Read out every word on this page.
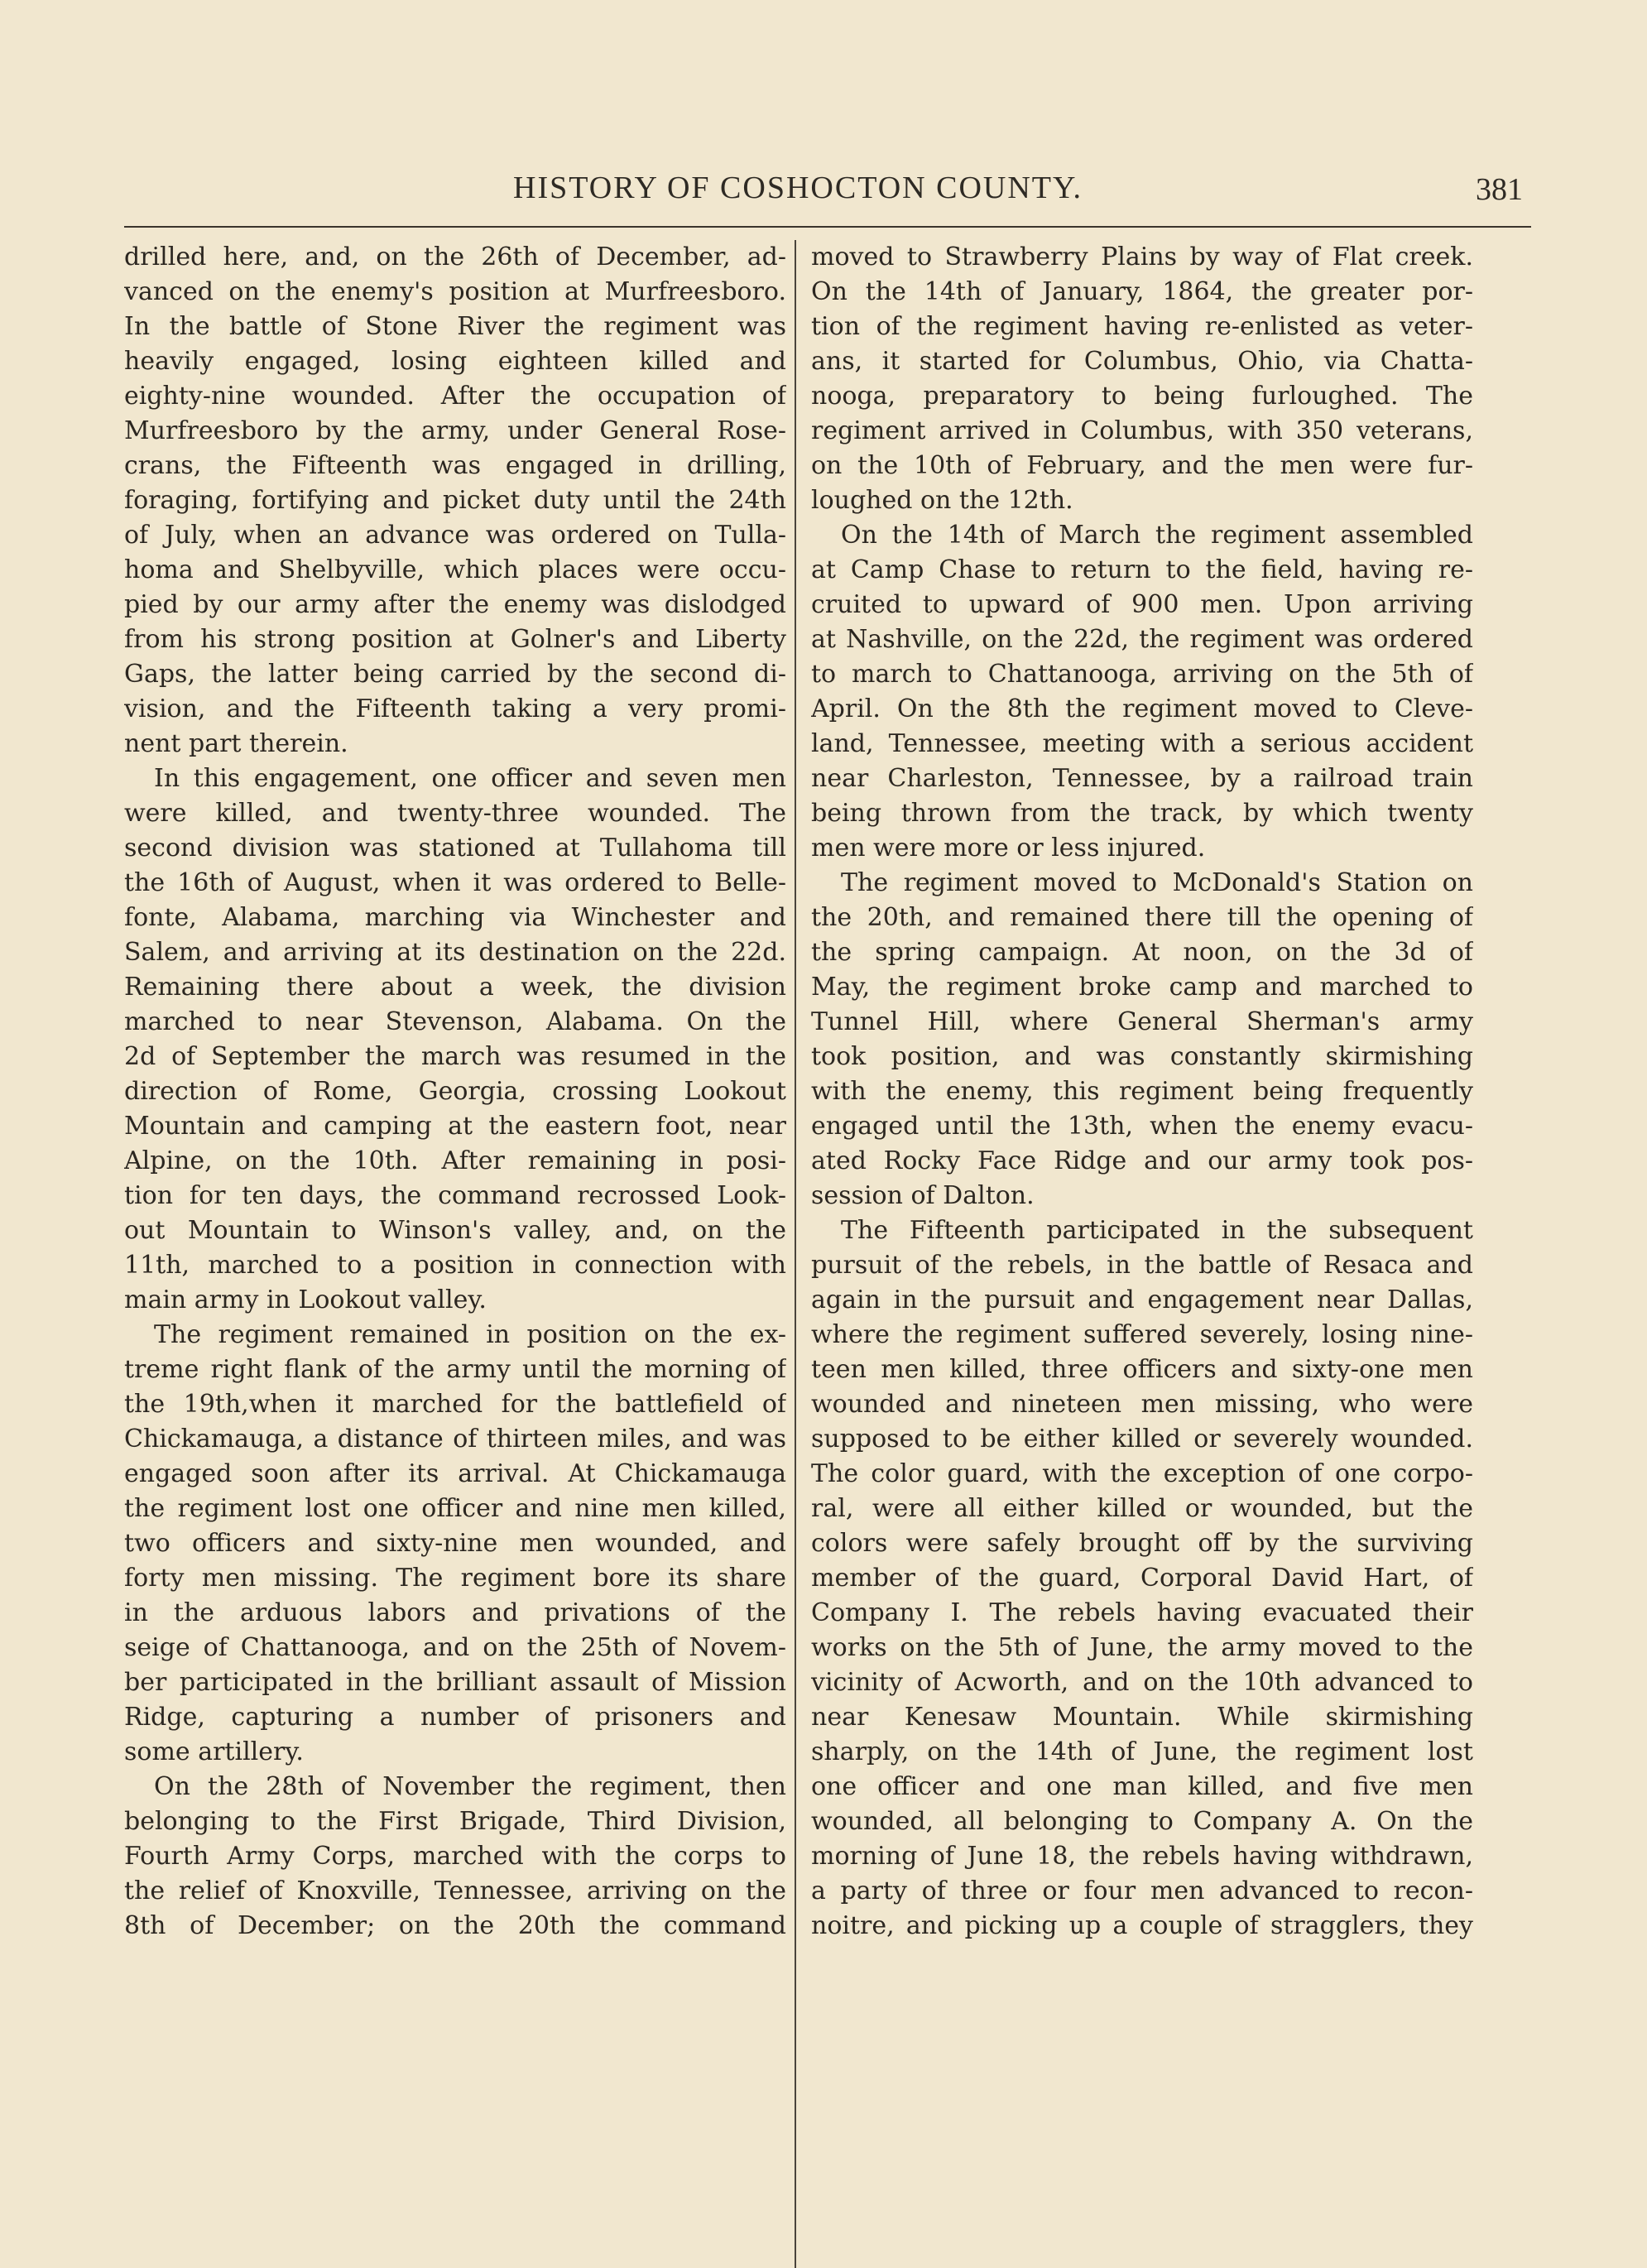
HISTORY OF COSHOCTON COUNTY.	381
drilled here, and, on the 26th of December, ad-
vanced on the enemy's position at Murfreesboro.
In the battle of Stone River the regiment was
heavily engaged, losing eighteen killed and
eighty-nine wounded. After the occupation of
Murfreesboro by the army, under General Rose-
crans, the Fifteenth was engaged in drilling,
foraging, fortifying and picket duty until the 24th
of July, when an advance was ordered on Tulla-
homa and Shelbyville, which places were occu-
pied by our army after the enemy was dislodged
from his strong position at Golner's and Liberty
Gaps, the latter being carried by the second di-
vision, and the Fifteenth taking a very promi-
nent part therein.
In this engagement, one officer and seven men
were killed, and twenty-three wounded. The
second division was stationed at Tullahoma till
the 16th of August, when it was ordered to Belle-
fonte, Alabama, marching via Winchester and
Salem, and arriving at its destination on the 22d.
Remaining there about a week, the division
marched to near Stevenson, Alabama. On the
2d of September the march was resumed in the
direction of Rome, Georgia, crossing Lookout
Mountain and camping at the eastern foot, near
Alpine, on the 10th. After remaining in posi-
tion for ten days, the command recrossed Look-
out Mountain to Winson's valley, and, on the
11th, marched to a position in connection with
main army in Lookout valley.
The regiment remained in position on the ex-
treme right flank of the army until the morning of
the 19th,when it marched for the battlefield of
Chickamauga, a distance of thirteen miles, and was
engaged soon after its arrival. At Chickamauga
the regiment lost one officer and nine men killed,
two officers and sixty-nine men wounded, and
forty men missing. The regiment bore its share
in the arduous labors and privations of the
seige of Chattanooga, and on the 25th of Novem-
ber participated in the brilliant assault of Mission
Ridge, capturing a number of prisoners and
some artillery.
On the 28th of November the regiment, then
belonging to the First Brigade, Third Division,
Fourth Army Corps, marched with the corps to
the relief of Knoxville, Tennessee, arriving on the
8th of December; on the 20th the command
moved to Strawberry Plains by way of Flat creek.
On the 14th of January, 1864, the greater por-
tion of the regiment having re-enlisted as veter-
ans, it started for Columbus, Ohio, via Chatta-
nooga, preparatory to being furloughed. The
regiment arrived in Columbus, with 350 veterans,
on the 10th of February, and the men were fur-
loughed on the 12th.
On the 14th of March the regiment assembled
at Camp Chase to return to the field, having re-
cruited to upward of 900 men. Upon arriving
at Nashville, on the 22d, the regiment was ordered
to march to Chattanooga, arriving on the 5th of
April. On the 8th the regiment moved to Cleve-
land, Tennessee, meeting with a serious accident
near Charleston, Tennessee, by a railroad train
being thrown from the track, by which twenty
men were more or less injured.
The regiment moved to McDonald's Station on
the 20th, and remained there till the opening of
the spring campaign. At noon, on the 3d of
May, the regiment broke camp and marched to
Tunnel Hill, where General Sherman's army
took position, and was constantly skirmishing
with the enemy, this regiment being frequently
engaged until the 13th, when the enemy evacu-
ated Rocky Face Ridge and our army took pos-
session of Dalton.
The Fifteenth participated in the subsequent
pursuit of the rebels, in the battle of Resaca and
again in the pursuit and engagement near Dallas,
where the regiment suffered severely, losing nine-
teen men killed, three officers and sixty-one men
wounded and nineteen men missing, who were
supposed to be either killed or severely wounded.
The color guard, with the exception of one corpo-
ral, were all either killed or wounded, but the
colors were safely brought off by the surviving
member of the guard, Corporal David Hart, of
Company I. The rebels having evacuated their
works on the 5th of June, the army moved to the
vicinity of Acworth, and on the 10th advanced to
near Kenesaw Mountain. While skirmishing
sharply, on the 14th of June, the regiment lost
one officer and one man killed, and five men
wounded, all belonging to Company A. On the
morning of June 18, the rebels having withdrawn,
a party of three or four men advanced to recon-
noitre, and picking up a couple of stragglers, they
